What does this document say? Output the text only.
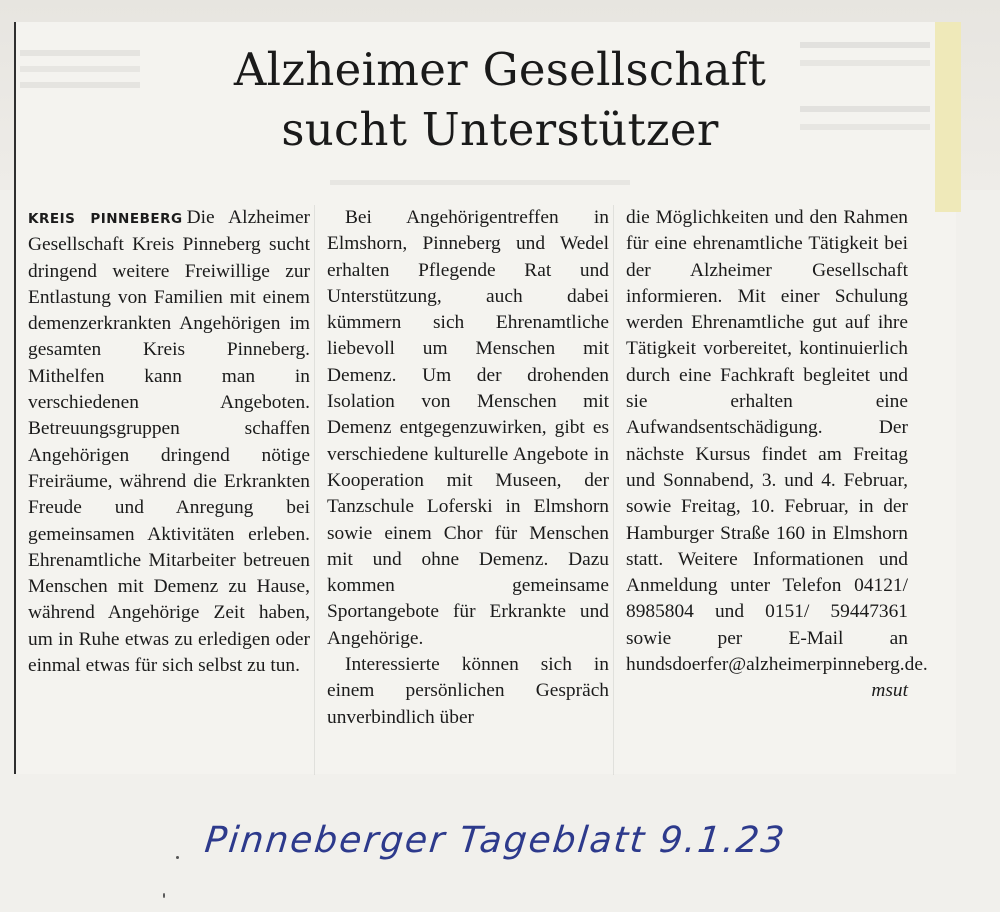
Alzheimer Gesellschaft
sucht Unterstützer

KREIS PINNEBERG Die Alzheimer Gesellschaft Kreis Pinneberg sucht dringend weitere Freiwillige zur Entlastung von Familien mit einem demenzerkrankten Angehörigen im gesamten Kreis Pinneberg. Mithelfen kann man in verschiedenen Angeboten. Betreuungsgruppen schaffen Angehörigen dringend nötige Freiräume, während die Erkrankten Freude und Anregung bei gemeinsamen Aktivitäten erleben. Ehrenamtliche Mitarbeiter betreuen Menschen mit Demenz zu Hause, während Angehörige Zeit haben, um in Ruhe etwas zu erledigen oder einmal etwas für sich selbst zu tun.

Bei Angehörigentreffen in Elmshorn, Pinneberg und Wedel erhalten Pflegende Rat und Unterstützung, auch dabei kümmern sich Ehrenamtliche liebevoll um Menschen mit Demenz. Um der drohenden Isolation von Menschen mit Demenz entgegenzuwirken, gibt es verschiedene kulturelle Angebote in Kooperation mit Museen, der Tanzschule Loferski in Elmshorn sowie einem Chor für Menschen mit und ohne Demenz. Dazu kommen gemeinsame Sportangebote für Erkrankte und Angehörige.

Interessierte können sich in einem persönlichen Gespräch unverbindlich über

die Möglichkeiten und den Rahmen für eine ehrenamtliche Tätigkeit bei der Alzheimer Gesellschaft informieren. Mit einer Schulung werden Ehrenamtliche gut auf ihre Tätigkeit vorbereitet, kontinuierlich durch eine Fachkraft begleitet und sie erhalten eine Aufwandsentschädigung. Der nächste Kursus findet am Freitag und Sonnabend, 3. und 4. Februar, sowie Freitag, 10. Februar, in der Hamburger Straße 160 in Elmshorn statt. Weitere Informationen und Anmeldung unter Telefon 04121/ 8985804 und 0151/ 59447361 sowie per E-Mail an hundsdoerfer@alzheimerpinneberg.de.
msut

Pinneberger Tageblatt 9.1.23
